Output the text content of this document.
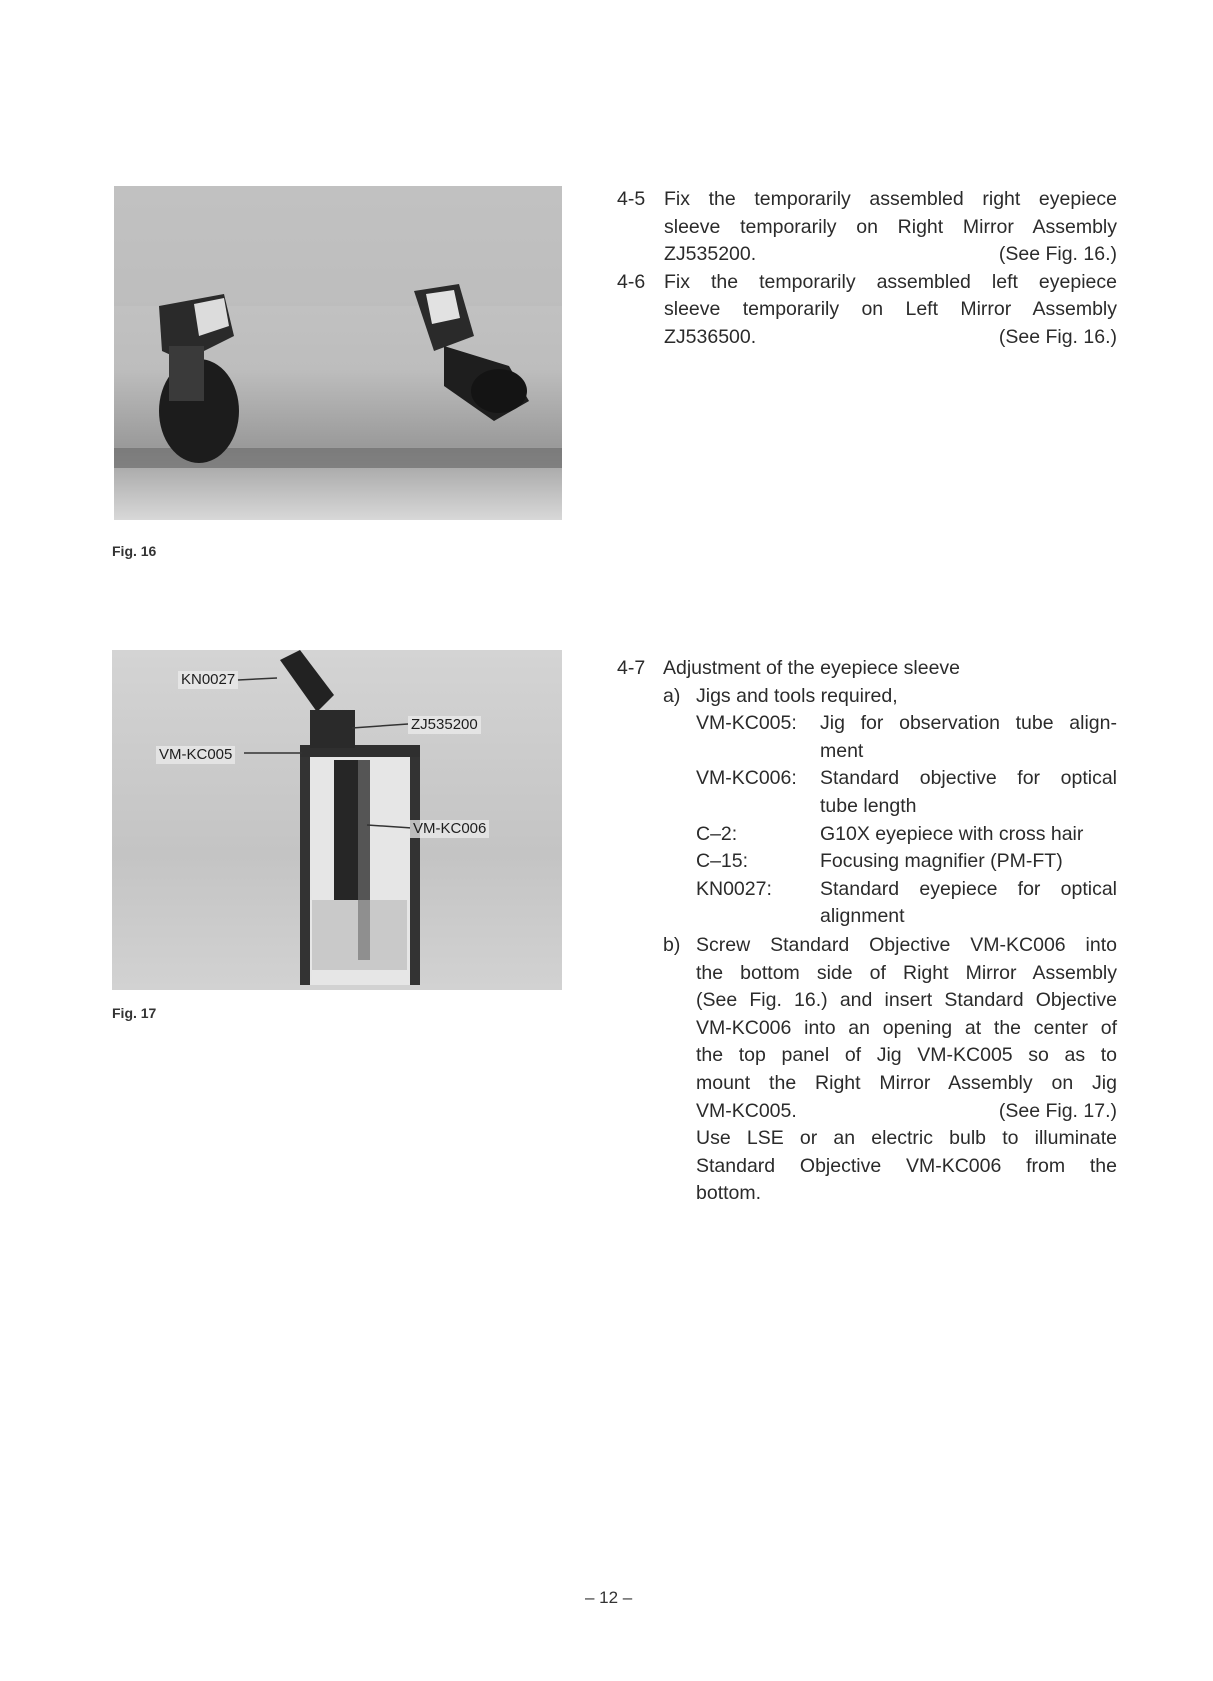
Fig. 16
KN0027
ZJ535200
VM-KC005
VM-KC006
Fig. 17
4-5 Fix the temporarily assembled right eyepiece
sleeve temporarily on Right Mirror Assembly
ZJ535200.	(See Fig. 16.)
4-6 Fix the temporarily assembled left eyepiece
sleeve temporarily on Left Mirror Assembly
ZJ536500.	(See Fig. 16.)
4-7 Adjustment of the eyepiece sleeve
a) Jigs and tools required,
VM-KC005:	Jig for observation tube align-
ment
VM-KC006:	Standard objective for optical
tube length
C–2:	G10X eyepiece with cross hair
C–15:	Focusing magnifier (PM-FT)
KN0027:	Standard eyepiece for optical
alignment
b) Screw Standard Objective VM-KC006 into
the bottom side of Right Mirror Assembly
(See Fig. 16.) and insert Standard Objective
VM-KC006 into an opening at the center of
the top panel of Jig VM-KC005 so as to
mount the Right Mirror Assembly on Jig
VM-KC005.	(See Fig. 17.)
Use LSE or an electric bulb to illuminate
Standard Objective VM-KC006 from the
bottom.
– 12 –
